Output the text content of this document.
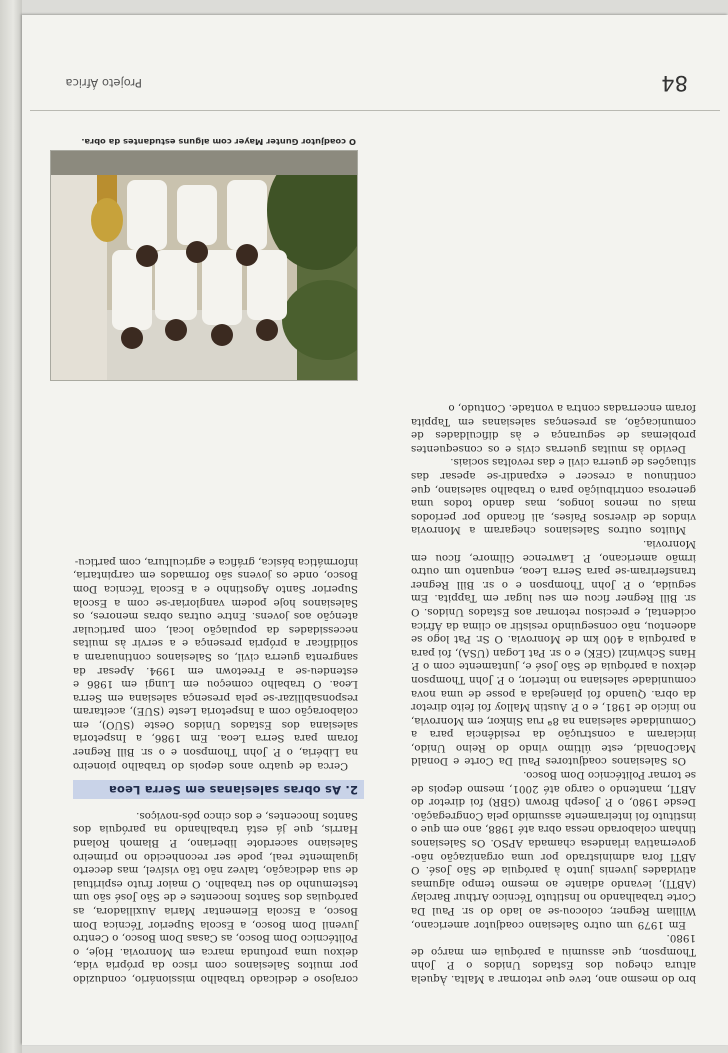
bro do mesmo ano, teve que retornar a Malta. Àquela altura chegou dos Estados Unidos o P. John Thompson, que assumiu a paróquia em março de 1980.

Em 1979 um outro Salesiano coadjutor americano, William Regner, colocou-se ao lado do sr. Paul Da Corte trabalhando no Instituto Técnico Arthur Barclay (ABTI), levando adiante ao mesmo tempo algumas atividades juvenis junto à paróquia de São José. O ABTI fora administrado por uma organização não-governativa irlandesa chamada APSO. Os Salesianos tinham colaborado nessa obra até 1988, ano em que o instituto foi inteiramente assumido pela Congregação. Desde 1980, o P. Joseph Brown (GBR) foi diretor do ABTI, mantendo o cargo até 2001, mesmo depois de se tornar Politécnico Dom Bosco.

Os Salesianos coadjutores Paul Da Corte e Donald MacDonald, este último vindo do Reino Unido, iniciaram a construção da residência para a Comunidade salesiana na 8ª rua Sinkor, em Monrovia, no início de 1981, e o P. Austin Malloy foi feito diretor da obra. Quando foi planejada a posse de uma nova comunidade salesiana no interior, o P. John Thompson deixou a paróquia de São José e, juntamente com o P. Hans Schwinzl (GEK) e o sr. Pat Logan (USA), foi para a paróquia a 400 km de Monrovia. O Sr. Pat logo se adoentou, não conseguindo resistir ao clima da África ocidental, e precisou retornar aos Estados Unidos. O sr. Bill Regner ficou em seu lugar em Tappita. Em seguida, o P. John Thompson e o sr. Bill Regner transferiram-se para Serra Leoa, enquanto um outro irmão americano, P. Lawrence Gilmore, ficou em Monrovia.

Muitos outros Salesianos chegaram a Monrovia vindos de diversos Países, ali ficando por períodos mais ou menos longos, mas dando todos uma generosa contribuição para o trabalho salesiano, que continuou a crescer e expandir-se apesar das situações de guerra civil e das revoltas sociais.

Devido às muitas guerras civis e os consequentes problemas de segurança e às dificuldades de comunicação, as presenças salesianas em Tappita foram encerradas contra a vontade. Contudo, o

corajoso e dedicado trabalho missionário, conduzido por muitos Salesianos com risco da própria vida, deixou uma profunda marca em Monrovia. Hoje, o Politécnico Dom Bosco, as Casas Dom Bosco, o Centro Juvenil Dom Bosco, a Escola Superior Técnica Dom Bosco, a Escola Elementar Maria Auxiliadora, as paróquias dos Santos Inocentes e de São José são um testemunho do seu trabalho. O maior fruto espiritual de sua dedicação, talvez não tão visível, mas decerto igualmente real, pode ser reconhecido no primeiro Salesiano sacerdote liberiano, P. Blamoh Roland Harris, que já está trabalhando na paróquia dos Santos Inocentes, e dos cinco pós-noviços.

2. As obras salesianas em Serra Leoa

Cerca de quatro anos depois do trabalho pioneiro na Libéria, o P. John Thompson e o sr. Bill Regner foram para Serra Leoa. Em 1986, a Inspetoria salesiana dos Estados Unidos Oeste (SUO), em colaboração com a Inspetoria Leste (SUE), aceitaram responsabilizar-se pela presença salesiana em Serra Leoa. O trabalho começou em Lungi em 1986 e estendeu-se a Freetown em 1994. Apesar da sangrenta guerra civil, os Salesianos continuaram a solidificar a própria presença e a servir às muitas necessidades da população local, com particular atenção aos jovens. Entre outras obras menores, os Salesianos hoje podem vangloriar-se com a Escola Superior Santo Agostinho e a Escola Técnica Dom Bosco, onde os jovens são formados em carpintaria, informática básica, gráfica e agricultura, com particu-

O coadjutor Gunter Mayer com alguns estudantes da obra.
84
Projeto África
